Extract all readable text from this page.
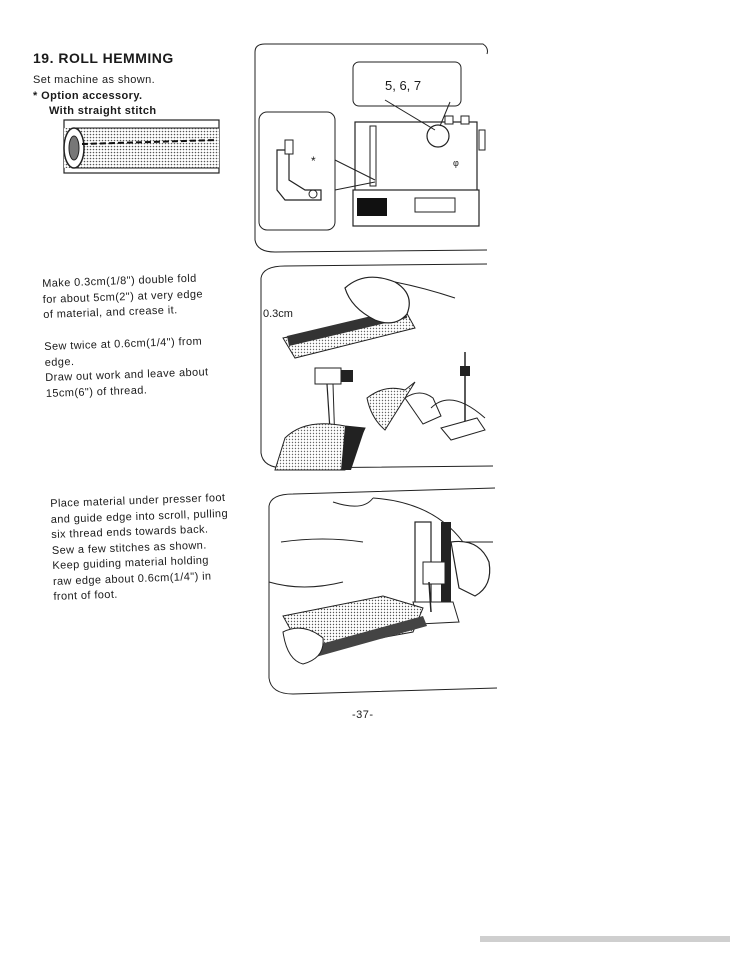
19. ROLL HEMMING
Set machine as shown.
* Option accessory.
With straight stitch
φ
5, 6, 7
*
Make 0.3cm(1/8") double fold
for about 5cm(2") at very edge
of material, and crease it.
Sew twice at 0.6cm(1/4") from
edge.
Draw out work and leave about
15cm(6") of thread.
0.3cm
Place material under presser foot
and guide edge into scroll, pulling
six thread ends towards back.
Sew a few stitches as shown.
Keep guiding material holding
raw edge about 0.6cm(1/4") in
front of foot.
-37-
